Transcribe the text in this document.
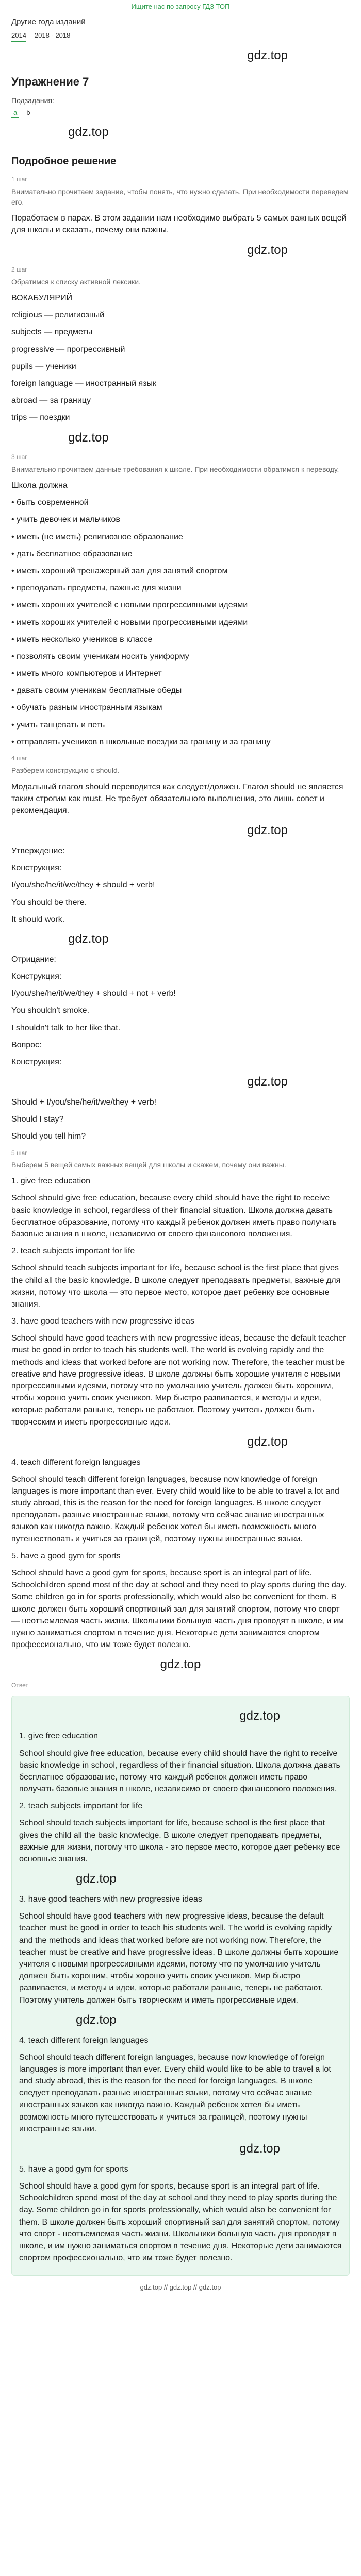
Ищите нас по запросу ГДЗ ТОП
Другие года изданий
2014 2018 - 2018
gdz.top
Упражнение 7
Подзадания:
a	b
gdz.top
Подробное решение
1 шаг
Внимательно прочитаем задание, чтобы понять, что нужно сделать. При необходимости переведем его.

Поработаем в парах. В этом задании нам необходимо выбрать 5 самых важных вещей для школы и сказать, почему они важны.

gdz.top
2 шаг
Обратимся к списку активной лексики.

ВОКАБУЛЯРИЙ

religious — религиозный

subjects — предметы

progressive — прогрессивный

pupils — ученики

foreign language — иностранный язык

abroad — за границу

trips — поездки

gdz.top
3 шаг
Внимательно прочитаем данные требования к школе. При необходимости обратимся к переводу.

Школа должна

• быть современной

• учить девочек и мальчиков

• иметь (не иметь) религиозное образование

• дать бесплатное образование

• иметь хороший тренажерный зал для занятий спортом

• преподавать предметы, важные для жизни

• иметь хороших учителей с новыми прогрессивными идеями

• иметь хороших учителей с новыми прогрессивными идеями

• иметь несколько учеников в классе

• позволять своим ученикам носить униформу

• иметь много компьютеров и Интернет

• давать своим ученикам бесплатные обеды

• обучать разным иностранным языкам

• учить танцевать и петь

• отправлять учеников в школьные поездки за границу и за границу

4 шаг
Разберем конструкцию с should.

Модальный глагол should переводится как следует/должен. Глагол should не является таким строгим как must. Не требует обязательного выполнения, это лишь совет и рекомендация.

gdz.top

Утверждение:

Конструкция:

I/you/she/he/it/we/they + should + verb!

You should be there.

It should work.

gdz.top

Отрицание:

Конструкция:

I/you/she/he/it/we/they + should + not + verb!

You shouldn't smoke.

I shouldn't talk to her like that.

Вопрос:

Конструкция:

gdz.top

Should + I/you/she/he/it/we/they + verb!

Should I stay?

Should you tell him?

5 шаг
Выберем 5 вещей самых важных вещей для школы и скажем, почему они важны.

1. give free education

School should give free education, because every child should have the right to receive basic knowledge in school, regardless of their financial situation. Школа должна давать бесплатное образование, потому что каждый ребенок должен иметь право получать базовые знания в школе, независимо от своего финансового положения.

2. teach subjects important for life

School should teach subjects important for life, because school is the first place that gives the child all the basic knowledge. В школе следует преподавать предметы, важные для жизни, потому что школа — это первое место, которое дает ребенку все основные знания.

3. have good teachers with new progressive ideas

School should have good teachers with new progressive ideas, because the default teacher must be good in order to teach his students well. The world is evolving rapidly and the methods and ideas that worked before are not working now. Therefore, the teacher must be creative and have progressive ideas. В школе должны быть хорошие учителя с новыми прогрессивными идеями, потому что по умолчанию учитель должен быть хорошим, чтобы хорошо учить своих учеников. Мир быстро развивается, и методы и идеи, которые работали раньше, теперь не работают. Поэтому учитель должен быть творческим и иметь прогрессивные идеи.

gdz.top

4. teach different foreign languages

School should teach different foreign languages, because now knowledge of foreign languages is more important than ever. Every child would like to be able to travel a lot and study abroad, this is the reason for the need for foreign languages. В школе следует преподавать разные иностранные языки, потому что сейчас знание иностранных языков как никогда важно. Каждый ребенок хотел бы иметь возможность много путешествовать и учиться за границей, поэтому нужны иностранные языки.

5. have a good gym for sports

School should have a good gym for sports, because sport is an integral part of life. Schoolchildren spend most of the day at school and they need to play sports during the day. Some children go in for sports professionally, which would also be convenient for them. В школе должен быть хороший спортивный зал для занятий спортом, потому что спорт — неотъемлемая часть жизни. Школьники большую часть дня проводят в школе, и им нужно заниматься спортом в течение дня. Некоторые дети занимаются спортом профессионально, что им тоже будет полезно.

gdz.top
Ответ
gdz.top

1. give free education

School should give free education, because every child should have the right to receive basic knowledge in school, regardless of their financial situation. Школа должна давать бесплатное образование, потому что каждый ребенок должен иметь право получать базовые знания в школе, независимо от своего финансового положения.

2. teach subjects important for life

School should teach subjects important for life, because school is the first place that gives the child all the basic knowledge. В школе следует преподавать предметы, важные для жизни, потому что школа - это первое место, которое дает ребенку все основные знания.

gdz.top

3. have good teachers with new progressive ideas

School should have good teachers with new progressive ideas, because the default teacher must be good in order to teach his students well. The world is evolving rapidly and the methods and ideas that worked before are not working now. Therefore, the teacher must be creative and have progressive ideas. В школе должны быть хорошие учителя с новыми прогрессивными идеями, потому что по умолчанию учитель должен быть хорошим, чтобы хорошо учить своих учеников. Мир быстро развивается, и методы и идеи, которые работали раньше, теперь не работают. Поэтому учитель должен быть творческим и иметь прогрессивные идеи.

gdz.top

4. teach different foreign languages

School should teach different foreign languages, because now knowledge of foreign languages is more important than ever. Every child would like to be able to travel a lot and study abroad, this is the reason for the need for foreign languages. В школе следует преподавать разные иностранные языки, потому что сейчас знание иностранных языков как никогда важно. Каждый ребенок хотел бы иметь возможность много путешествовать и учиться за границей, поэтому нужны иностранные языки.

gdz.top

5. have a good gym for sports

School should have a good gym for sports, because sport is an integral part of life. Schoolchildren spend most of the day at school and they need to play sports during the day. Some children go in for sports professionally, which would also be convenient for them. В школе должен быть хороший спортивный зал для занятий спортом, потому что спорт - неотъемлемая часть жизни. Школьники большую часть дня проводят в школе, и им нужно заниматься спортом в течение дня. Некоторые дети занимаются спортом профессионально, что им тоже будет полезно.

gdz.top // gdz.top // gdz.top
